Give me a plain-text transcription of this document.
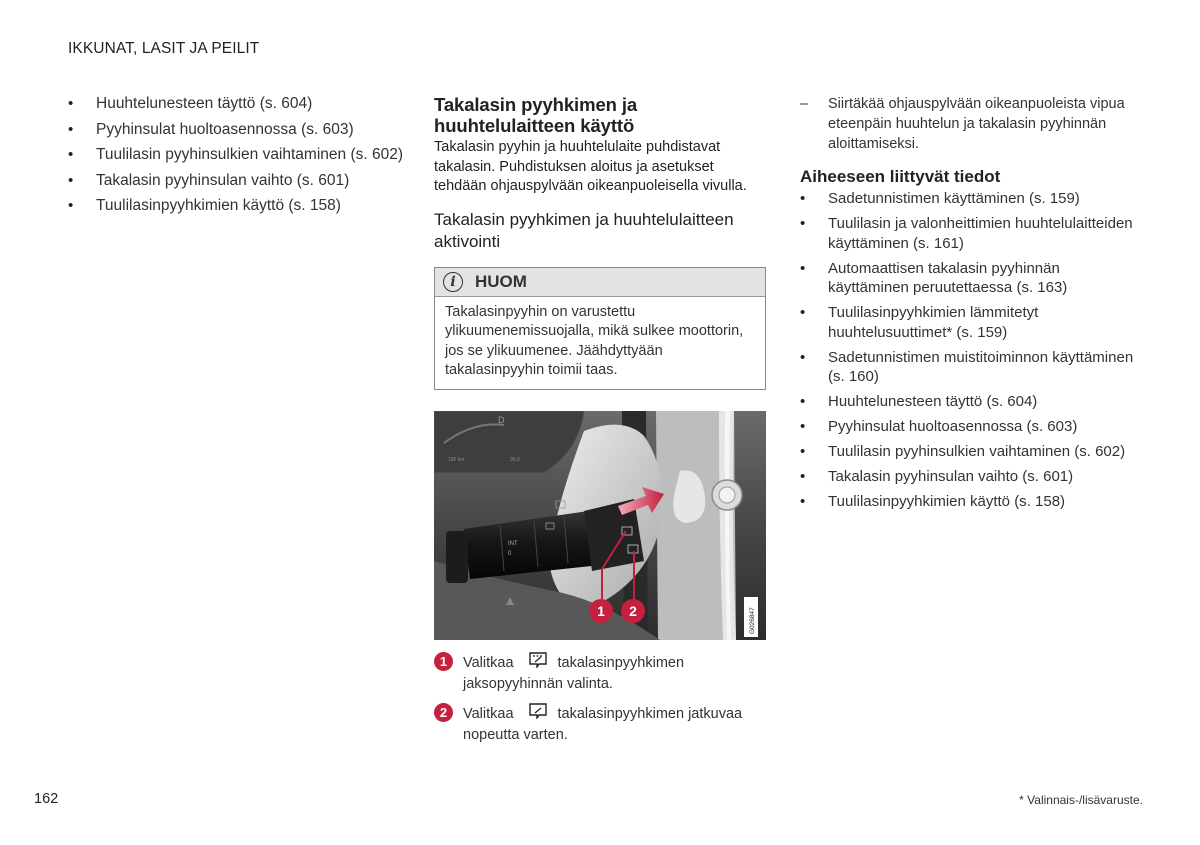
IKKUNAT, LASIT JA PEILIT
• Huuhtelunesteen täyttö (s. 604)
• Pyyhinsulat huoltoasennossa (s. 603)
• Tuulilasin pyyhinsulkien vaihtaminen (s. 602)
• Takalasin pyyhinsulan vaihto (s. 601)
• Tuulilasinpyyhkimien käyttö (s. 158)
Takalasin pyyhkimen ja huuhtelulaitteen käyttö

Takalasin pyyhin ja huuhtelulaite puhdistavat takalasin. Puhdistuksen aloitus ja asetukset tehdään ohjauspylvään oikeanpuoleisella vivulla.

Takalasin pyyhkimen ja huuhtelulaitteen aktivointi
i	HUOM
Takalasinpyyhin on varustettu ylikuumenemissuojalla, mikä sulkee moottorin, jos se ylikuumenee. Jäähdyttyään takalasinpyyhin toimii taas.
D
180 km	99.0
INT
0
1 2	G026847
1	Valitkaa	takalasinpyyhkimen jaksopyyhinnän valinta.
2	Valitkaa	takalasinpyyhkimen jatkuvaa nopeutta varten.
– Siirtäkää ohjauspylvään oikeanpuoleista vipua eteenpäin huuhtelun ja takalasin pyyhinnän aloittamiseksi.
Aiheeseen liittyvät tiedot
• Sadetunnistimen käyttäminen (s. 159)
• Tuulilasin ja valonheittimien huuhtelulaitteiden käyttäminen (s. 161)
• Automaattisen takalasin pyyhinnän käyttäminen peruutettaessa (s. 163)
• Tuulilasinpyyhkimien lämmitetyt huuhtelusuuttimet* (s. 159)
• Sadetunnistimen muistitoiminnon käyttäminen (s. 160)
• Huuhtelunesteen täyttö (s. 604)
• Pyyhinsulat huoltoasennossa (s. 603)
• Tuulilasin pyyhinsulkien vaihtaminen (s. 602)
• Takalasin pyyhinsulan vaihto (s. 601)
• Tuulilasinpyyhkimien käyttö (s. 158)
162	* Valinnais-/lisävaruste.
